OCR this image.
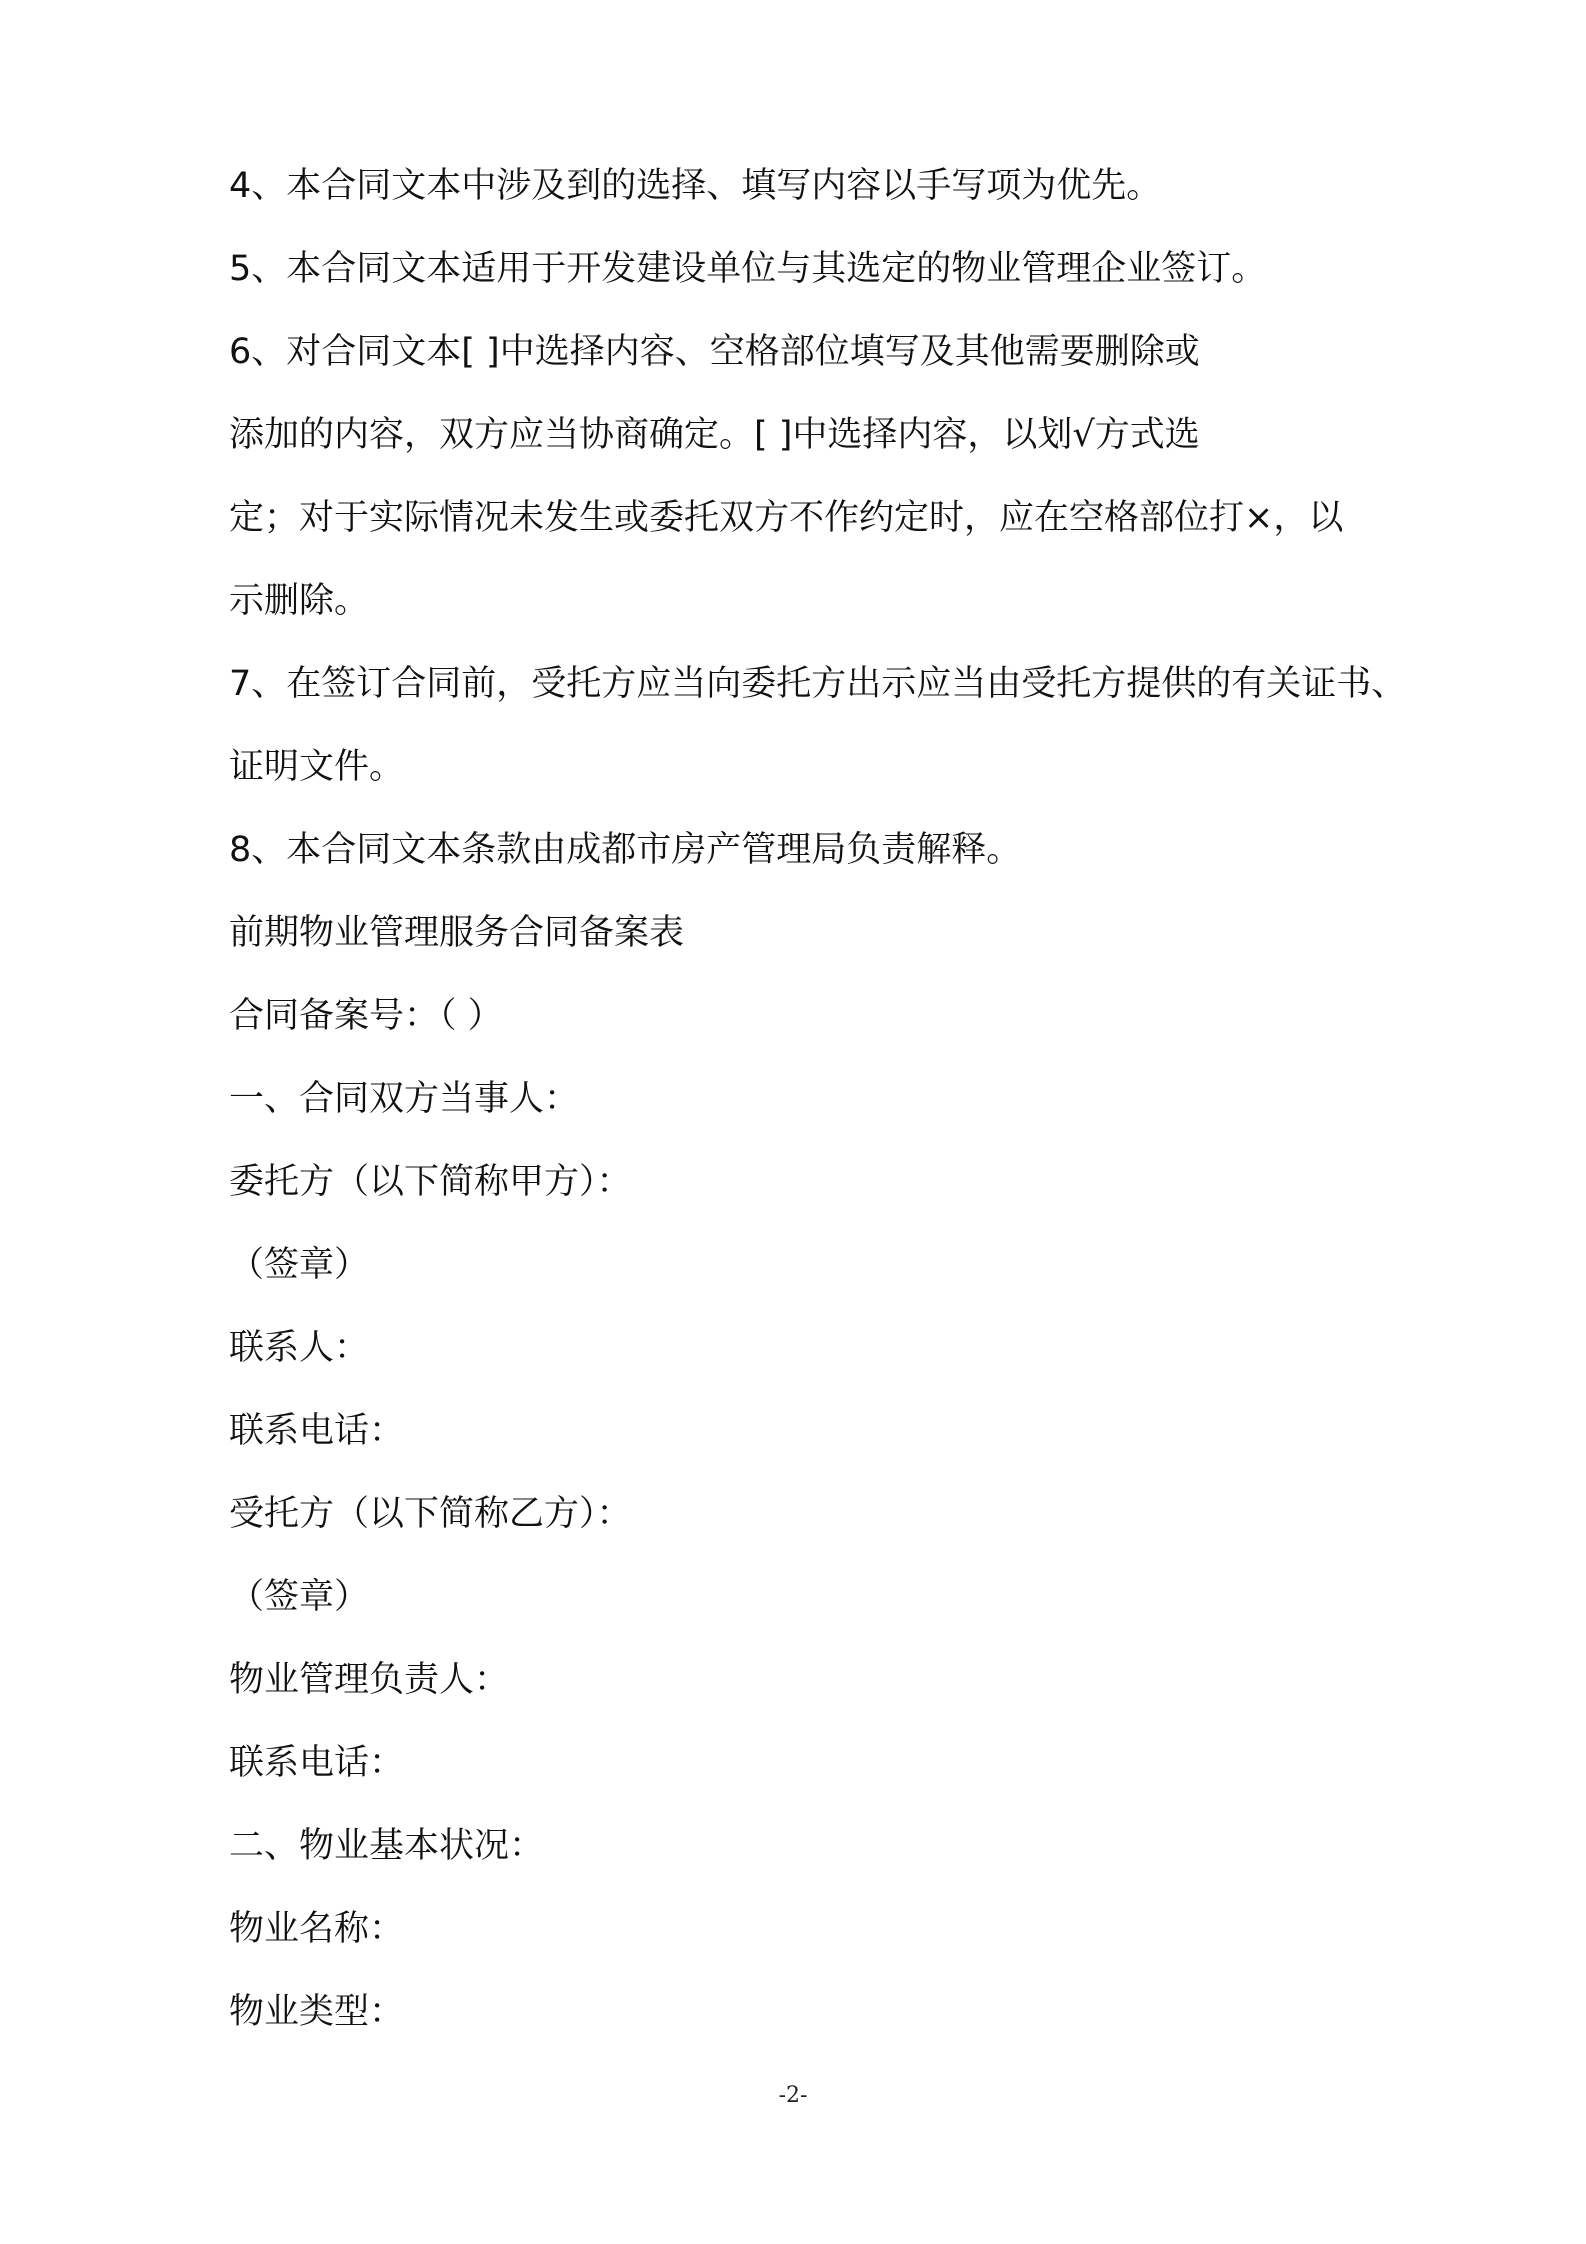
4、本合同文本中涉及到的选择、填写内容以手写项为优先。
5、本合同文本适用于开发建设单位与其选定的物业管理企业签订。
6、对合同文本[ ]中选择内容、空格部位填写及其他需要删除或
添加的内容，双方应当协商确定。[ ]中选择内容，以划√方式选
定；对于实际情况未发生或委托双方不作约定时，应在空格部位打×，以
示删除。
7、在签订合同前，受托方应当向委托方出示应当由受托方提供的有关证书、
证明文件。
8、本合同文本条款由成都市房产管理局负责解释。
前期物业管理服务合同备案表
合同备案号：（ ）
一、合同双方当事人：
委托方（以下简称甲方）：
（签章）
联系人：
联系电话：
受托方（以下简称乙方）：
（签章）
物业管理负责人：
联系电话：
二、物业基本状况：
物业名称：
物业类型：
-2-
